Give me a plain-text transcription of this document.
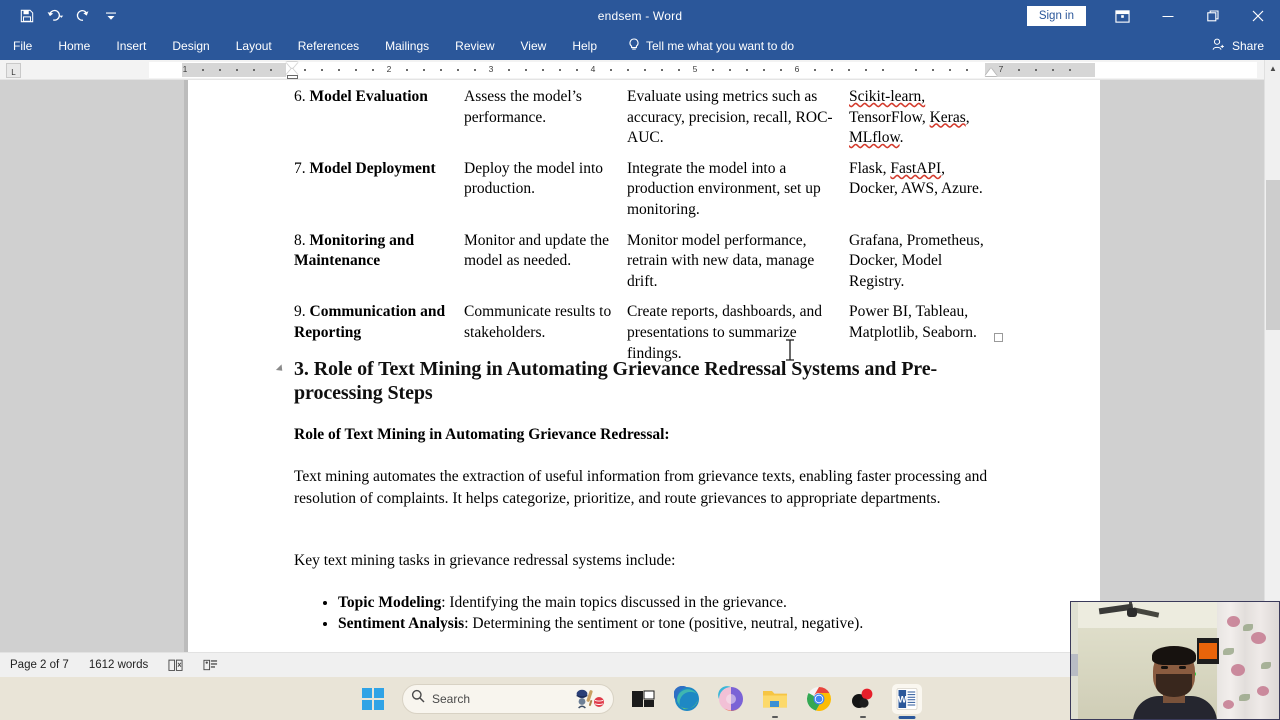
endsem - Word	Sign in
File	Home	Insert	Design	Layout	References	Mailings	Review	View	Help	Tell me what you want to do	Share
L	1	2	3	4	5	6	7
6. Model Evaluation	Assess the model’s performance.	Evaluate using metrics such as accuracy, precision, recall, ROC-AUC.	Scikit-learn, TensorFlow, Keras, MLflow.
7. Model Deployment	Deploy the model into production.	Integrate the model into a production environment, set up monitoring.	Flask, FastAPI, Docker, AWS, Azure.
8. Monitoring and Maintenance	Monitor and update the model as needed.	Monitor model performance, retrain with new data, manage drift.	Grafana, Prometheus, Docker, Model Registry.
9. Communication and Reporting	Communicate results to stakeholders.	Create reports, dashboards, and presentations to summarize findings.	Power BI, Tableau, Matplotlib, Seaborn.
3. Role of Text Mining in Automating Grievance Redressal Systems and Pre-processing Steps
Role of Text Mining in Automating Grievance Redressal:
Text mining automates the extraction of useful information from grievance texts, enabling faster processing and resolution of complaints. It helps categorize, prioritize, and route grievances to appropriate departments.
Key text mining tasks in grievance redressal systems include:
• Topic Modeling: Identifying the main topics discussed in the grievance.
• Sentiment Analysis: Determining the sentiment or tone (positive, neutral, negative).
▲
Page 2 of 7	1612 words
Search	W
